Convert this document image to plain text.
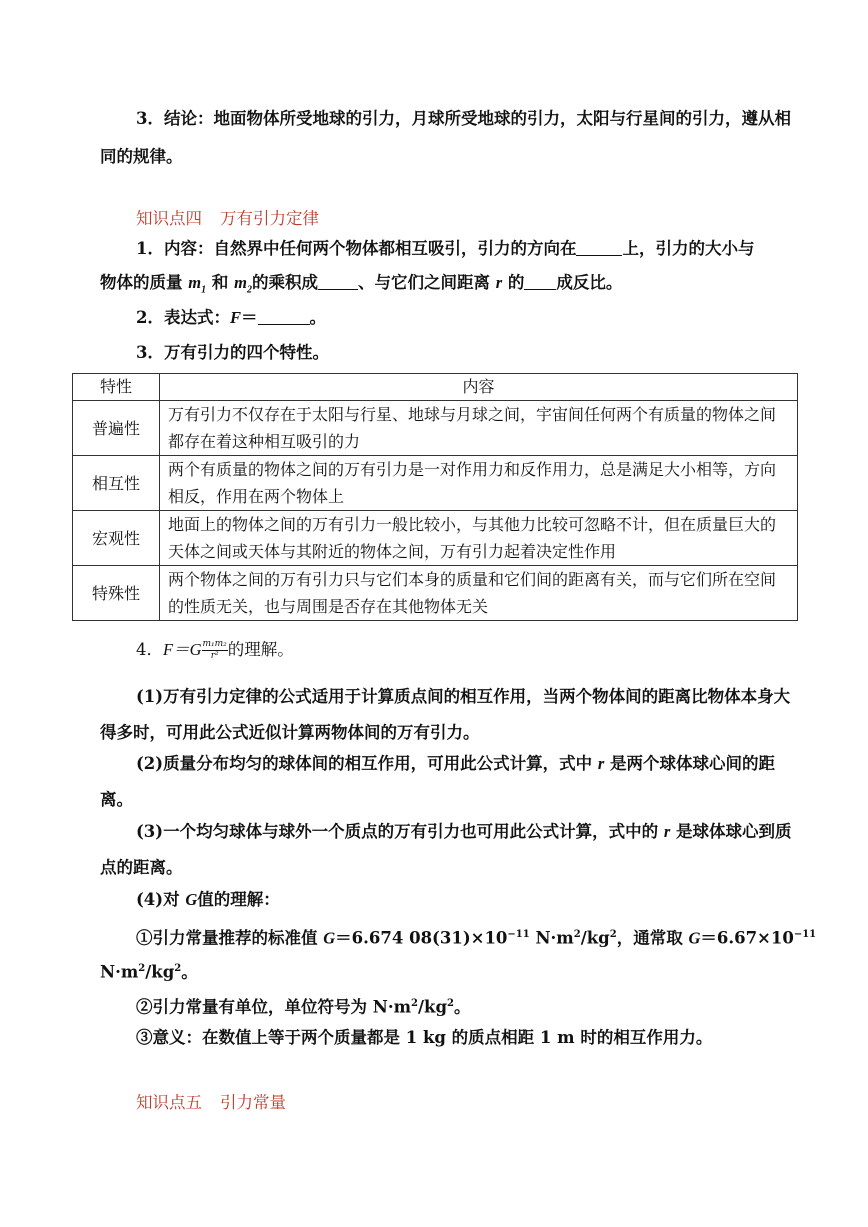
3．结论：地面物体所受地球的引力，月球所受地球的引力，太阳与行星间的引力，遵从相同的规律。
知识点四 万有引力定律
1．内容：自然界中任何两个物体都相互吸引，引力的方向在	上，引力的大小与
物体的质量 $m_1$ 和 $m_2$的乘积成 、与它们之间距离 r 的 成反比。
2．表达式：F＝	。
3．万有引力的四个特性。
特性	内容
普遍性	万有引力不仅存在于太阳与行星、地球与月球之间，宇宙间任何两个有质量的物体之间都存在着这种相互吸引的力
相互性	两个有质量的物体之间的万有引力是一对作用力和反作用力，总是满足大小相等，方向相反，作用在两个物体上
宏观性	地面上的物体之间的万有引力一般比较小，与其他力比较可忽略不计，但在质量巨大的天体之间或天体与其附近的物体之间，万有引力起着决定性作用
特殊性	两个物体之间的万有引力只与它们本身的质量和它们间的距离有关，而与它们所在空间的性质无关，也与周围是否存在其他物体无关
4．$F=G \frac{\text{m₁m₂}}{\text{r²}}$ 的理解。
(1)万有引力定律的公式适用于计算质点间的相互作用，当两个物体间的距离比物体本身大得多时，可用此公式近似计算两物体间的万有引力。
(2)质量分布均匀的球体间的相互作用，可用此公式计算，式中 r 是两个球体球心间的距离。
(3)一个均匀球体与球外一个质点的万有引力也可用此公式计算，式中的 r 是球体球心到质点的距离。
(4)对 G值的理解：
①引力常量推荐的标准值 G＝6.674 $08(31)\times 10^{-11}$ $N\cdot m^2/kg^2$，通常取 $G=6.67\times 10^{-11}$
$N\cdot m^2/kg^2$。
②引力常量有单位，单位符号为 $N\cdot m^2/kg^2$。
③意义：在数值上等于两个质量都是 1 kg 的质点相距 1 m 时的相互作用力。
知识点五 引力常量
